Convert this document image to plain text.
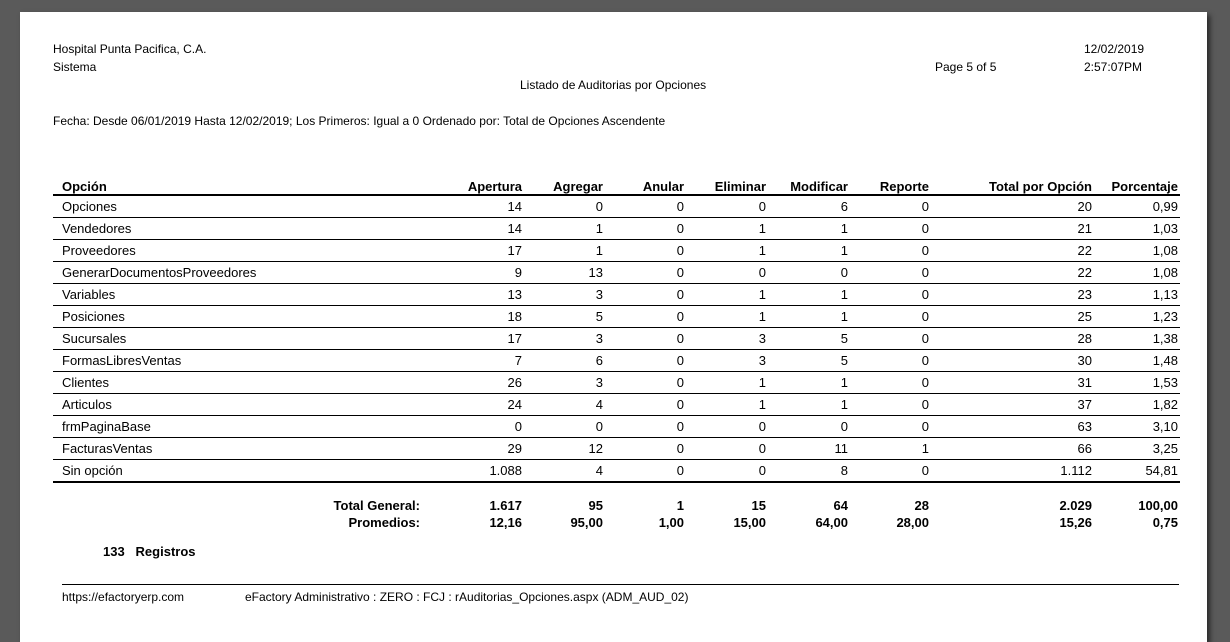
Hospital Punta Pacifica, C.A.
Sistema
12/02/2019
2:57:07PM
Page 5 of 5
Listado de Auditorias por Opciones
Fecha: Desde 06/01/2019 Hasta 12/02/2019; Los Primeros: Igual a 0 Ordenado por: Total de Opciones Ascendente
Opción	Apertura	Agregar	Anular	Eliminar	Modificar	Reporte	Total por Opción	Porcentaje
Opciones	14	0	0	0	6	0	20	0,99
Vendedores	14	1	0	1	1	0	21	1,03
Proveedores	17	1	0	1	1	0	22	1,08
GenerarDocumentosProveedores	9	13	0	0	0	0	22	1,08
Variables	13	3	0	1	1	0	23	1,13
Posiciones	18	5	0	1	1	0	25	1,23
Sucursales	17	3	0	3	5	0	28	1,38
FormasLibresVentas	7	6	0	3	5	0	30	1,48
Clientes	26	3	0	1	1	0	31	1,53
Articulos	24	4	0	1	1	0	37	1,82
frmPaginaBase	0	0	0	0	0	0	63	3,10
FacturasVentas	29	12	0	0	11	1	66	3,25
Sin opción	1.088	4	0	0	8	0	1.112	54,81
Total General:	1.617	95	1	15	64	28	2.029	100,00
Promedios:	12,16	95,00	1,00	15,00	64,00	28,00	15,26	0,75
133 Registros
https://efactoryerp.com	eFactory Administrativo : ZERO : FCJ : rAuditorias_Opciones.aspx (ADM_AUD_02)
